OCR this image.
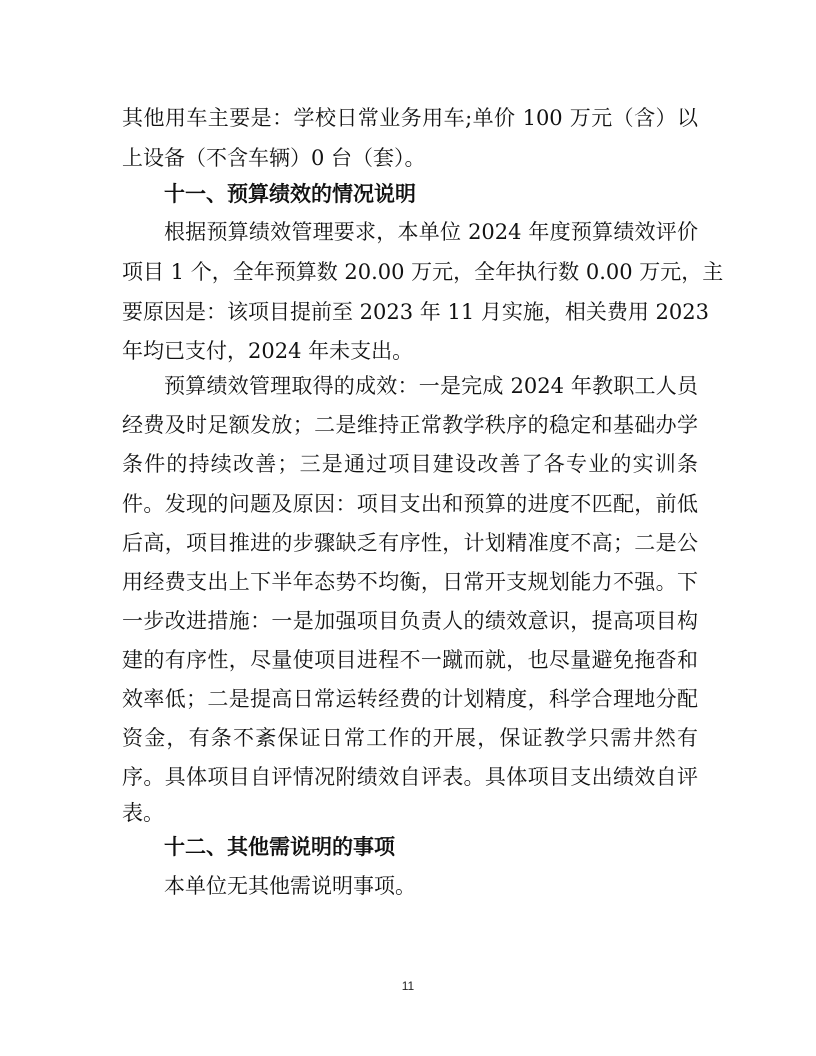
其他用车主要是：学校日常业务用车;单价 100 万元（含）以
上设备（不含车辆）0 台（套）。
十一、预算绩效的情况说明
根据预算绩效管理要求，本单位 2024 年度预算绩效评价
项目 1 个，全年预算数 20.00 万元，全年执行数 0.00 万元，主
要原因是：该项目提前至 2023 年 11 月实施，相关费用 2023
年均已支付，2024 年未支出。
预算绩效管理取得的成效：一是完成 2024 年教职工人员
经费及时足额发放；二是维持正常教学秩序的稳定和基础办学
条件的持续改善；三是通过项目建设改善了各专业的实训条
件。发现的问题及原因：项目支出和预算的进度不匹配，前低
后高，项目推进的步骤缺乏有序性，计划精准度不高；二是公
用经费支出上下半年态势不均衡，日常开支规划能力不强。下
一步改进措施：一是加强项目负责人的绩效意识，提高项目构
建的有序性，尽量使项目进程不一蹴而就，也尽量避免拖沓和
效率低；二是提高日常运转经费的计划精度，科学合理地分配
资金，有条不紊保证日常工作的开展，保证教学只需井然有
序。具体项目自评情况附绩效自评表。具体项目支出绩效自评
表。
十二、其他需说明的事项
本单位无其他需说明事项。
11
